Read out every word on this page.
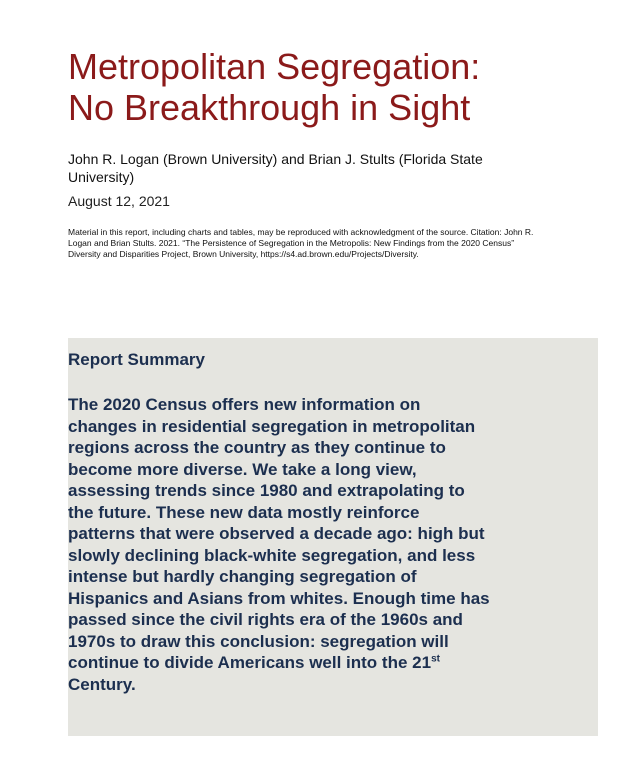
Metropolitan Segregation:
No Breakthrough in Sight
John R. Logan (Brown University) and Brian J. Stults (Florida State University)
August 12, 2021
Material in this report, including charts and tables, may be reproduced with acknowledgment of the source. Citation: John R. Logan and Brian Stults. 2021. “The Persistence of Segregation in the Metropolis: New Findings from the 2020 Census” Diversity and Disparities Project, Brown University, https://s4.ad.brown.edu/Projects/Diversity.
Report Summary
The 2020 Census offers new information on
changes in residential segregation in metropolitan
regions across the country as they continue to
become more diverse. We take a long view,
assessing trends since 1980 and extrapolating to
the future. These new data mostly reinforce
patterns that were observed a decade ago: high but
slowly declining black-white segregation, and less
intense but hardly changing segregation of
Hispanics and Asians from whites. Enough time has
passed since the civil rights era of the 1960s and
1970s to draw this conclusion: segregation will
continue to divide Americans well into the 21st
Century.
